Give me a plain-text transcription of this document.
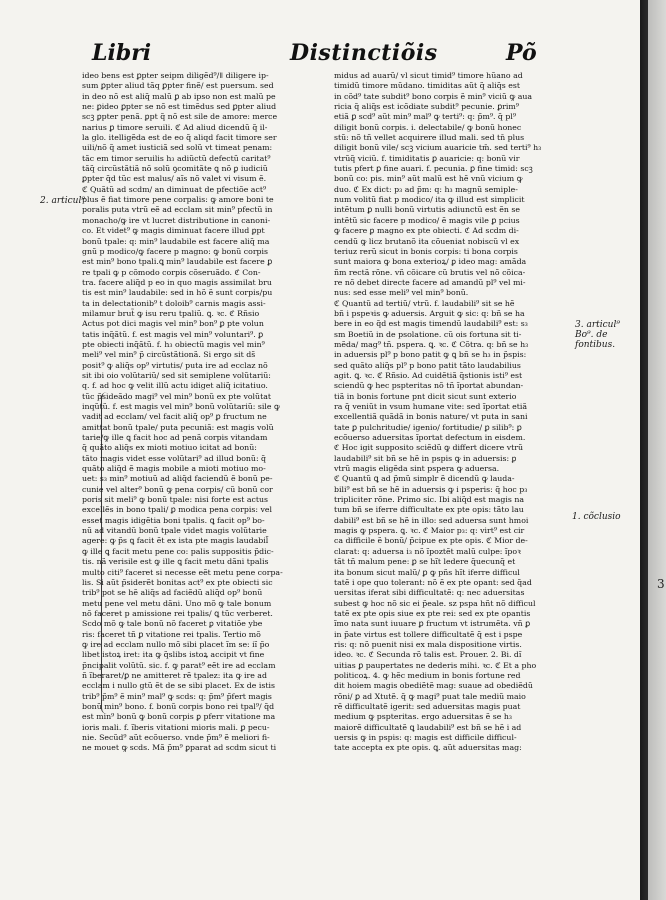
Libri	Distinctiõis	Põ
2. articul⁹
3. articul⁹
Bo⁹. de
fontibus.
1. cõclusio
ideo bens est ꝑpter seipm diligẽd⁹/ǁ diligere ip-
sum ꝑpter aliud tãq ꝑpter finẽ/ est puersum. sed
in deo nõ est aliq̃ malũ ꝑ ab ipso non est malũ pe
ne: ꝑideo ꝑpter se nõ est timẽdus sed ꝑpter aliud
scꝫ ꝑpter penã. ꝑpt q̃ nõ est sile de amore: merce
narius ꝑ timore seruili. ℭ Ad aliud dicendũ q̃ il-
la glo. itelligẽda est de eo q̃ aliqd facit timore ser
uili/nõ q̃ amet iusticiã sed solũ vt timeat penam:
tãc em timor seruilis h₃ adiũctũ defectũ caritat⁹
tãq̃ circũstãtiã nõ solũ ꝯcomitãte ꝗ nõ ꝑ iudiciũ
ꝑpter q̃d tũc est malus/ aĩs nõ valet vi visum ẽ.
ℭ Quãtũ ad scdm/ an diminuat de pfectiõe act⁹
plus ẽ fiat timore pene corpalis: ꝙ amore boni te
poralis puta vtrũ eẽ ad ecclam sit min⁹ pfectũ in
monacho/ꝙ ire vt lucret distributione in canoni-
co. Et videt⁹ ꝙ magis diminuat facere illud ꝑpt
bonũ tpale: q: min⁹ laudabile est facere aliq̃ ma
gnũ p modico/ꝙ facere p magno: ꝙ bonũ corpis
est min⁹ bono tpali.ꝗ min⁹ laudabile est facere ꝑ
re tpali ꝙ p cõmodo corpis cõseruãdo. ℭ Con-
tra. facere aliq̃d p eo in quo magis assimilat bru
tis est min⁹ laudabile: sed in hõ ẽ sunt corpis/pu
ta in delectationib⁹ t doloib⁹ carnis magis assi-
milamur brut̃ ꝙ isu reru tpaliũ. ꝗ. ꝛc. ℭ Rñsio
Actus pot dici magis vel min⁹ bon⁹ ꝑ pte volun
tatis inq̃ãtũ. f. est magis vel min⁹ voluntari⁹. ꝑ
pte obiecti inq̃ãtũ. f. h₃ obiectũ magis vel min⁹
meli⁹ vel min⁹ p̃ circũstãtionã. Si ergo sit ds̃
posit⁹ ꝙ aliq̃s op⁹ virtutis/ puta ire ad ecclaz nõ
sit ibi oio volũtariũ/ sed sit semiplene volũtariũ:
q. f. ad hoc ꝙ velit illũ actu idiget aliq̃ icitatiuo.
tũc p̃sideãdo magi⁹ vel min⁹ bonũ ex pte volũtat
inqũtũ. f. est magis vel min⁹ bonũ volũtariũ: sile ꝙ
vadit ad ecclam/ vel facit aliq̃ op⁹ ꝑ fructum ne
amittat bonũ tpale/ puta pecuniã: est magis volũ
tarie/ꝙ ille ꝗ facit hoc ad penã corpis vitandam
q̃ quãto aliq̃s ex mioti motiuo icitat ad bonũ:
tãto magis videt esse volũtari⁹ ad illud bonũ: q̃
quãto aliq̃d ẽ magis mobile a mioti motiuo mo-
uet: s₃ min⁹ motiuũ ad aliq̃d faciendũ ẽ bonũ pe-
cunie vel alter⁹ bonũ ꝙ pena corpis/ cũ bonũ cor
poris sit meli⁹ ꝙ bonũ tpale: nisi forte est actus
excellẽs in bono tpali/ ꝑ modica pena corpis: vel
esset magis idigẽtia boni tpalis. ꝗ facit op⁹ bo-
nũ ad vitandũ bonũ tpale videt magis volũtarie
agere: ꝙ p̃s ꝗ facit ẽt ex ista pte magis laudabil̃
ꝙ ille ꝗ facit metu pene co: palis suppositis p̃dic-
tis. nã verisile est ꝙ ille ꝗ facit metu dãni tpalis
multo citi⁹ faceret si necesse eẽt metu pene corpa-
lis. Si aũt p̃siderẽt bonitas act⁹ ex pte obiecti sic
trib⁹ pot se hẽ aliq̃s ad faciẽdũ aliq̃d op⁹ bonũ
metu pene vel metu dãni. Uno mõ ꝙ tale bonum
nõ faceret p amissione rei tpalis/ ꝗ tũc verberet.
Scdo mõ ꝙ tale bonũ nõ faceret ꝑ vitatiõe ybe
ris: faceret tñ ꝑ vitatione rei tpalis. Tertio mõ
ꝙ ire ad ecclam nullo mõ sibi placet ĩm se: iĩ p̃o
libet istoꝝ iret: ita ꝙ q̃slibs istoꝝ accipit vt fine
p̃ncipalit volũtũ. sic. f. ꝙ parat⁹ eẽt ire ad ecclam
ñ ĩberaret/ꝑ ne amitteret rẽ tpalez: ita ꝙ ire ad
ecclam i nullo gtũ ẽt de se sibi placet. Ex de istis
trib⁹ p̃m⁹ ẽ min⁹ mal⁹ ꝙ scds: q: p̃m⁹ p̃fert magis
bonũ min⁹ bono. f. bonũ corpis bono rei tpal⁹/ q̃d
est min⁹ bonũ ꝙ bonũ corpis ꝑ pferr vitatione ma
ioris mali. f. ĩberis vitationi mioris mali. ꝑ pecu-
nie. Secũd⁹ aũt ecõuerso. vnde p̃m⁹ ẽ meliori fi-
ne mouet ꝙ scds. Mã p̃m⁹ ꝑparat ad scdm sicut ti
midus ad auarũ/ vl sicut timid⁹ timore hũano ad
timidũ timore mũdano. timiditas aũt q̃ aliq̃s est
in cõd⁹ tate subdit⁹ bono corpis ẽ min⁹ viciũ ꝙ aua
ricia q̃ aliq̃s est icõdiate subdit⁹ pecunie. ꝑrim⁹
etiã ꝑ scd⁹ aũt min⁹ mal⁹ ꝙ terti⁹: q: p̃m⁹. q̃ pl⁹
diligit bonũ corpis. i. delectabile/ ꝙ bonũ honec
stũ: nõ tñ vellet acquirere illud mali. sed tn̄ plus
diligit bonũ vile/ scꝫ vicium auaricie tm̄. sed terti⁹ h₃
vtrũq̃ viciũ. f. timiditatis ꝑ auaricie: q: bonũ vir
tutis pfert ꝑ fine auari. f. pecunia. ꝑ fine timid: scꝫ
bonũ co: pis. min⁹ aũt malũ est hẽ vnũ vicium ꝙ
duo. ℭ Ex dict: p₃ ad p̃m: q: h₃ magnũ semiple-
num volitũ fiat p modico/ ita ꝙ illud est simplicit
intẽtum ꝑ nulli bonũ virtutis adiunctũ est ẽn se
intẽtũ sic facere p modico/ ẽ magis vile ꝑ pcius
ꝙ facere ꝑ magno ex pte obiecti. ℭ Ad scdm di-
cendũ ꝙ licz brutanõ ita cõueniat nobiscũ vl ex
teriuz rerũ sicut in bonis corpis: ti bona corpis
sunt maiora ꝙ bona exterioꝝ/ ꝑ ideo mag: amãda
ñm rectã rõne. vñ cõicare cũ brutis vel nõ cõica-
re nõ debet directe facere ad amandũ pl⁹ vel mi-
nus: sed esse meli⁹ vel min⁹ bonũ.
ℭ Quantũ ad tertiũ/ vtrũ. f. laudabili⁹ sit se hẽ
bñ i pspeꝛis ꝙ aduersis. Arguit ꝙ sic: q: bñ se ha
bere in eo q̃d est magis timendũ laudabili⁹ est: s₃
sm Boetiũ in de psolatione. cũ ois fortuna sit ti-
mẽda/ mag⁹ tñ. pspera. ꝗ. ꝛc. ℭ Cõtra. q: bñ se h₃
in aduersis pl⁹ p bono patit ꝙ ꝗ bñ se h₃ in p̃spis:
sed quãto aliq̃s pl⁹ p bono patit tãto laudabilius
agit. ꝗ. ꝛc. ℭ Rñsio. Ad cuidẽtiã q̃stionis isti⁹ est
sciendũ ꝙ hec pspteritas nõ tñ ĩportat abundan-
tiã in bonis fortune pnt dicit sicut sunt exterio
ra q̃ veniũt in vsum humane vite: sed ĩportat etiã
excellentiã quãdã in bonis nature/ vt puta in sani
tate ꝑ pulchritudie/ igenio/ fortitudie/ ꝑ silib⁹: ꝑ
ecõuerso aduersitas ĩportat defectum in eisdem.
ℭ Hoc igit supposito sciẽdũ ꝙ differt dicere vtrũ
laudabili⁹ sit bñ se hẽ in pspis ꝙ in aduersis: ꝑ
vtrũ magis eligẽda sint pspera ꝙ aduersa.
ℭ Quantũ ꝗ ad p̃mũ simplr ẽ dicendũ ꝙ lauda-
bili⁹ est bñ se hẽ in aduersis ꝙ i psperis: q̃ hoc p₃
tripliciter rõne. Primo sic. Ibi aliq̃d est magis na
tum bñ se iferre difficultate ex pte opis: tãto lau
dabili⁹ est bñ se hẽ in illo: sed aduersa sunt hmoi
magis ꝙ pspera. ꝗ. ꝛc. ℭ Maior p₃: q: virt⁹ est cir
ca difficile ẽ bonũ/ p̃cipue ex pte opis. ℭ Mior de-
clarat: q: aduersa i₃ nõ ĩpoztẽt malũ culpe: ĩpoꝛ
tãt tñ malum pene: ꝑ se hĩt ledere q̃uecunq̃ et
ita bonum sicut malũ/ ꝑ ꝙ pñs hĩt iferre difficul
tatẽ i ope quo tolerant: nõ ẽ ex pte opant: sed q̃ad
uersitas iferat sibi difficultatẽ: q: nec aduersitas
subest ꝙ hoc nõ sic ei p̃eale. sz pspa hñt nõ difficul
tatẽ ex pte opis siue ex pte rei: sed ex pte opantis
ĩmo nata sunt iuuare ꝑ fructum vt istrumẽta. vñ ꝑ
in p̃ate virtus est tollere difficultatẽ q̃ est i pspe
ris: q: nõ puenit nisi ex mala dispositione virtis.
ideo. ꝛc. ℭ Secunda rõ talis est. Prouer. 2. Bi. dĩ
uitias ꝑ paupertates ne dederis mihi. ꝛc. ℭ Et a pho
politicoꝝ. 4. ꝙ hẽc medium in bonis fortune red
dit hoiem magis obediẽtẽ mag: suaue ad obediẽdũ
rõni/ ꝑ ad Xtutẽ. q̃ ꝙ magi⁹ puat tale mediũ maio
rẽ difficultatẽ igerit: sed aduersitas magis puat
medium ꝙ pspteritas. ergo aduersitas ẽ se h₃
maiorẽ difficultatẽ ꝗ laudabili⁹ est bñ se hẽ i ad
uersis ꝙ in pspis: q: magis est difficile difficul-
tate accepta ex pte opis. ꝗ. aũt aduersitas mag:
3
